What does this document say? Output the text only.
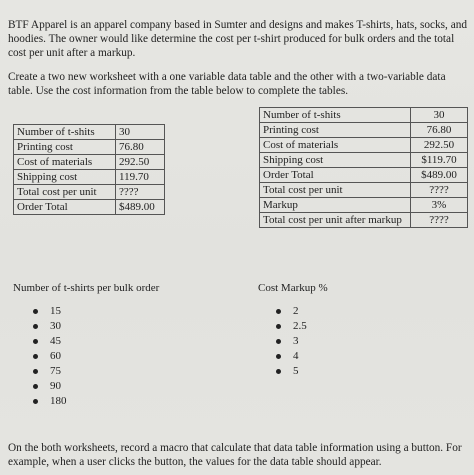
BTF Apparel is an apparel company based in Sumter and designs and makes T-shirts, hats, socks, and hoodies. The owner would like determine the cost per t-shirt produced for bulk orders and the total cost per unit after a markup.

Create a two new worksheet with a one variable data table and the other with a two-variable data table. Use the cost information from the table below to complete the tables.

Number of t-shits	30
Printing cost	76.80
Cost of materials	292.50
Shipping cost	119.70
Total cost per unit	????
Order Total	$489.00
Number of t-shits	30
Printing cost	76.80
Cost of materials	292.50
Shipping cost	$119.70
Order Total	$489.00
Total cost per unit	????
Markup	3%
Total cost per unit after markup	????

Number of t-shirts per bulk order

15
30
45
60
75
90
180

Cost Markup %

2
2.5
3
4
5

On the both worksheets, record a macro that calculate that data table information using a button. For example, when a user clicks the button, the values for the data table should appear.
